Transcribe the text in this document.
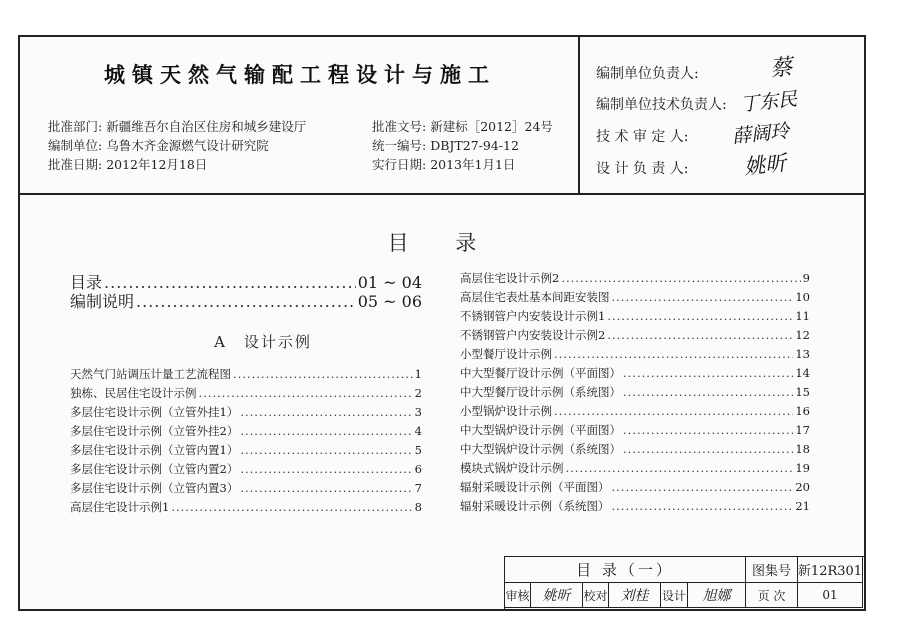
城镇天然气输配工程设计与施工
批准部门: 新疆维吾尔自治区住房和城乡建设厅
编制单位: 乌鲁木齐金源燃气设计研究院
批准日期: 2012年12月18日
批准文号: 新建标［2012］24号
统一编号: DBJT27-94-12
实行日期: 2013年1月1日
编制单位负责人:	蔡
编制单位技术负责人: 丁东民
技 术 审 定 人:	薛阔玲
设 计 负 责 人:	姚昕
目 录
目录 .....	01 ~ 04
编制说明 .....	05 ~ 06
A　设计示例
天然气门站调压计量工艺流程图 .....	1
独栋、民居住宅设计示例 .....	2
多层住宅设计示例（立管外挂1） .....	3
多层住宅设计示例（立管外挂2） .....	4
多层住宅设计示例（立管内置1） .....	5
多层住宅设计示例（立管内置2） .....	6
多层住宅设计示例（立管内置3） .....	7
高层住宅设计示例1 .....	8
高层住宅设计示例2 .....	9
高层住宅表灶基本间距安装图 .....	10
不锈钢管户内安装设计示例1 .....	11
不锈钢管户内安装设计示例2 .....	12
小型餐厅设计示例 .....	13
中大型餐厅设计示例（平面图） .....	14
中大型餐厅设计示例（系统图） .....	15
小型锅炉设计示例 .....	16
中大型锅炉设计示例（平面图） .....	17
中大型锅炉设计示例（系统图） .....	18
模块式锅炉设计示例 .....	19
辐射采暖设计示例（平面图） .....	20
辐射采暖设计示例（系统图） .....	21
目 录（一）	图集号 新12R301
审核 姚昕	校对 刘桂	设计	旭娜	页 次	01
